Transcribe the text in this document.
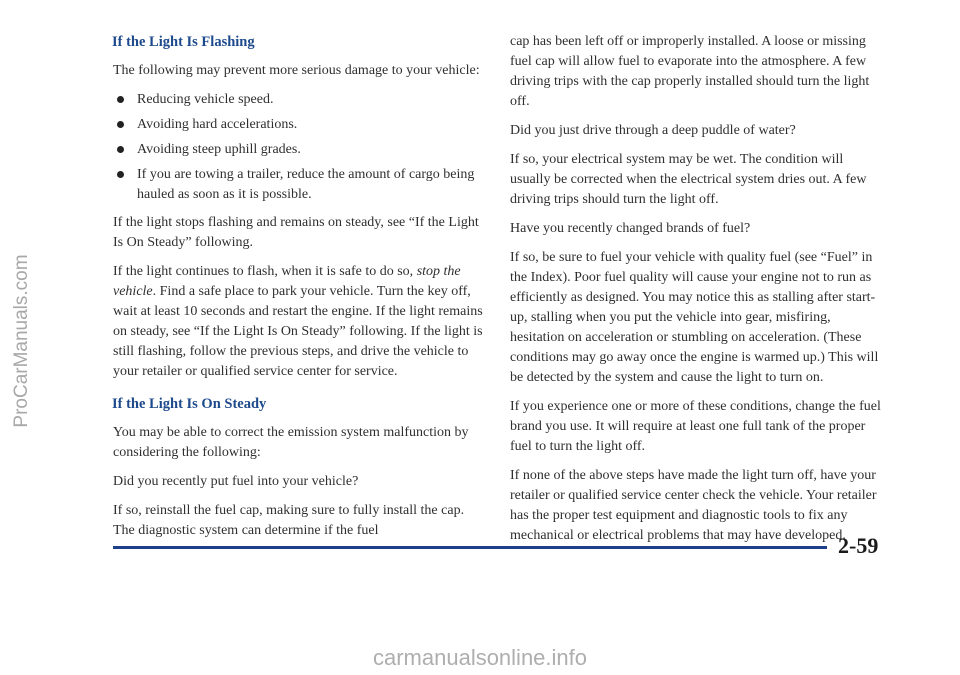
ProCarManuals.com
If the Light Is Flashing

The following may prevent more serious damage to your vehicle:

Reducing vehicle speed.
Avoiding hard accelerations.
Avoiding steep uphill grades.
If you are towing a trailer, reduce the amount of cargo being hauled as soon as it is possible.

If the light stops flashing and remains on steady, see “If the Light Is On Steady” following.

If the light continues to flash, when it is safe to do so, stop the vehicle. Find a safe place to park your vehicle. Turn the key off, wait at least 10 seconds and restart the engine. If the light remains on steady, see “If the Light Is On Steady” following. If the light is still flashing, follow the previous steps, and drive the vehicle to your retailer or qualified service center for service.

If the Light Is On Steady

You may be able to correct the emission system malfunction by considering the following:

Did you recently put fuel into your vehicle?

If so, reinstall the fuel cap, making sure to fully install the cap. The diagnostic system can determine if the fuel

cap has been left off or improperly installed. A loose or missing fuel cap will allow fuel to evaporate into the atmosphere. A few driving trips with the cap properly installed should turn the light off.

Did you just drive through a deep puddle of water?

If so, your electrical system may be wet. The condition will usually be corrected when the electrical system dries out. A few driving trips should turn the light off.

Have you recently changed brands of fuel?

If so, be sure to fuel your vehicle with quality fuel (see “Fuel” in the Index). Poor fuel quality will cause your engine not to run as efficiently as designed. You may notice this as stalling after start-up, stalling when you put the vehicle into gear, misfiring, hesitation on acceleration or stumbling on acceleration. (These conditions may go away once the engine is warmed up.) This will be detected by the system and cause the light to turn on.

If you experience one or more of these conditions, change the fuel brand you use. It will require at least one full tank of the proper fuel to turn the light off.

If none of the above steps have made the light turn off, have your retailer or qualified service center check the vehicle. Your retailer has the proper test equipment and diagnostic tools to fix any mechanical or electrical problems that may have developed.

2-59
carmanualsonline.info
